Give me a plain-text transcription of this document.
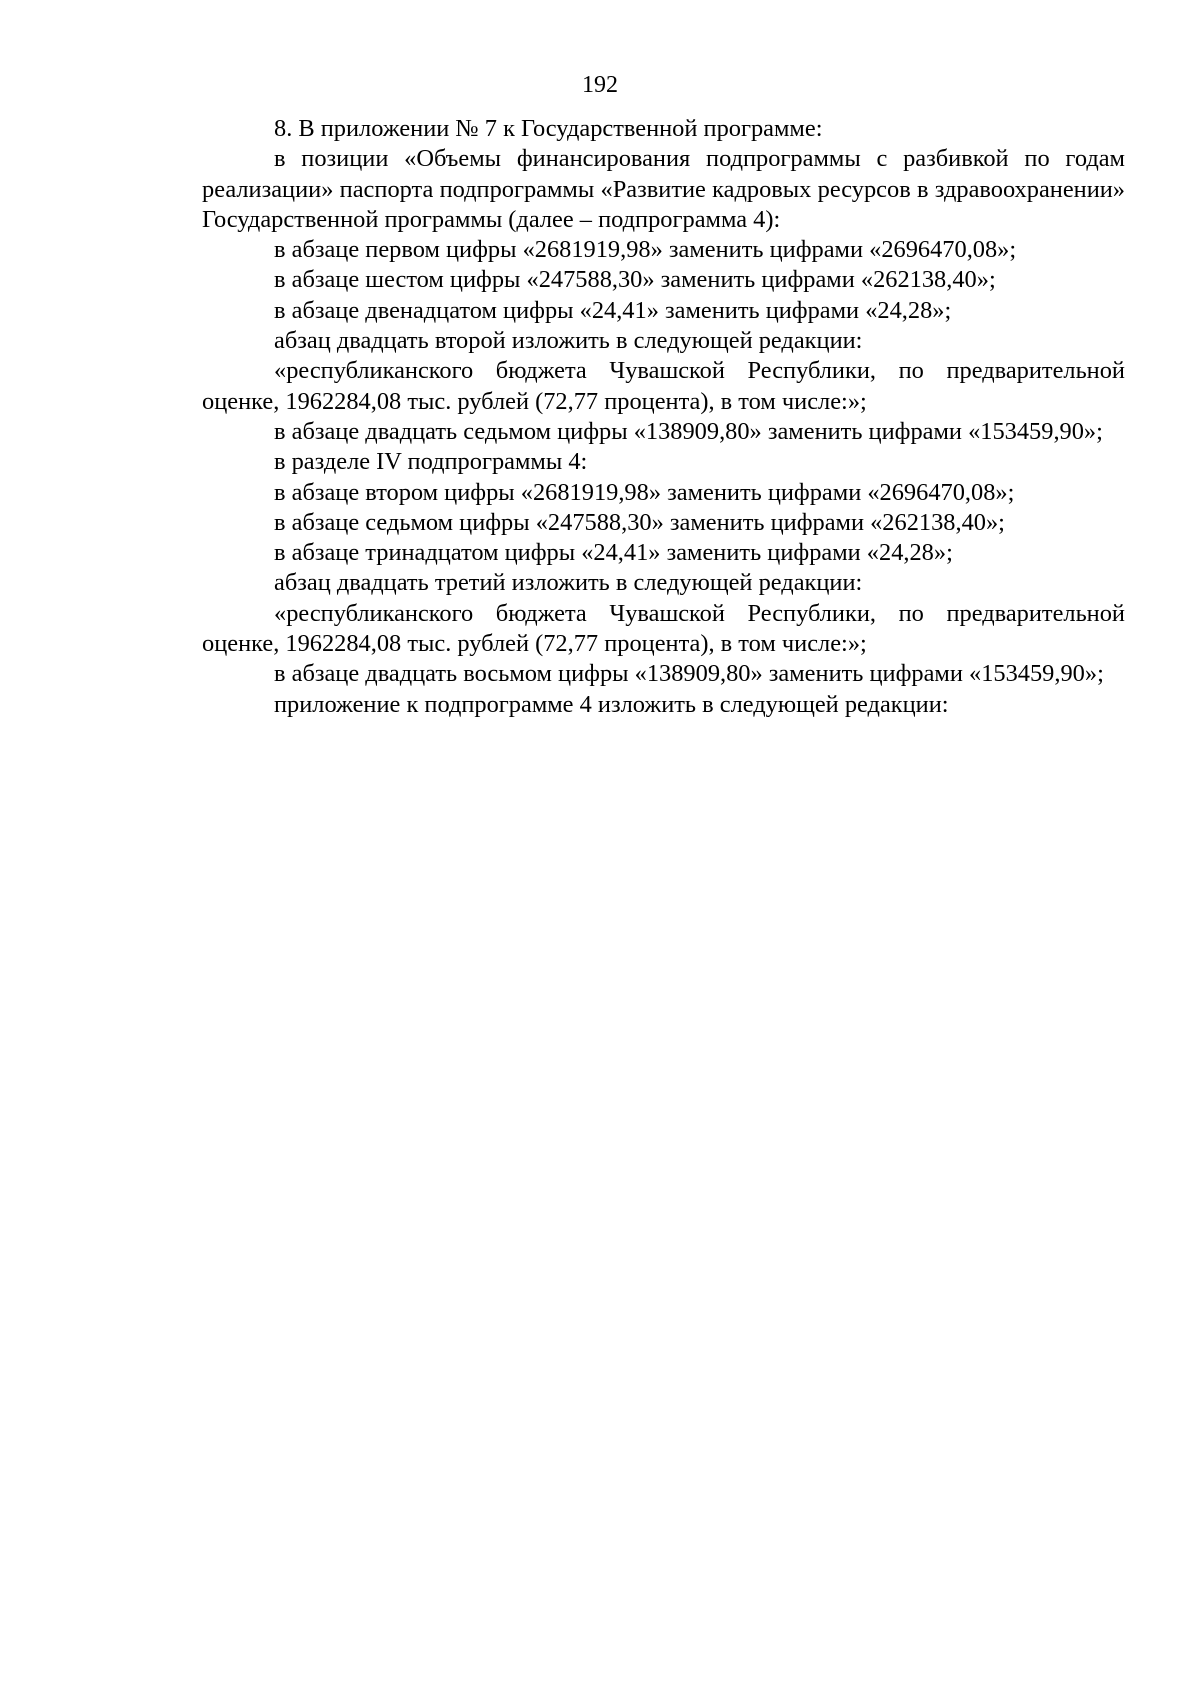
192

8. В приложении № 7 к Государственной программе:

в позиции «Объемы финансирования подпрограммы с разбивкой по годам реализации» паспорта подпрограммы «Развитие кадровых ресурсов в здравоохранении» Государственной программы (далее – подпрограмма 4):

в абзаце первом цифры «2681919,98» заменить цифрами «2696470,08»;

в абзаце шестом цифры «247588,30» заменить цифрами «262138,40»;

в абзаце двенадцатом цифры «24,41» заменить цифрами «24,28»;

абзац двадцать второй изложить в следующей редакции:

«республиканского бюджета Чувашской Республики, по предварительной оценке, 1962284,08 тыс. рублей (72,77 процента), в том числе:»;

в абзаце двадцать седьмом цифры «138909,80» заменить цифрами «153459,90»;

в разделе IV подпрограммы 4:

в абзаце втором цифры «2681919,98» заменить цифрами «2696470,08»;

в абзаце седьмом цифры «247588,30» заменить цифрами «262138,40»;

в абзаце тринадцатом цифры «24,41» заменить цифрами «24,28»;

абзац двадцать третий изложить в следующей редакции:

«республиканского бюджета Чувашской Республики, по предварительной оценке, 1962284,08 тыс. рублей (72,77 процента), в том числе:»;

в абзаце двадцать восьмом цифры «138909,80» заменить цифрами «153459,90»;

приложение к подпрограмме 4 изложить в следующей редакции:
